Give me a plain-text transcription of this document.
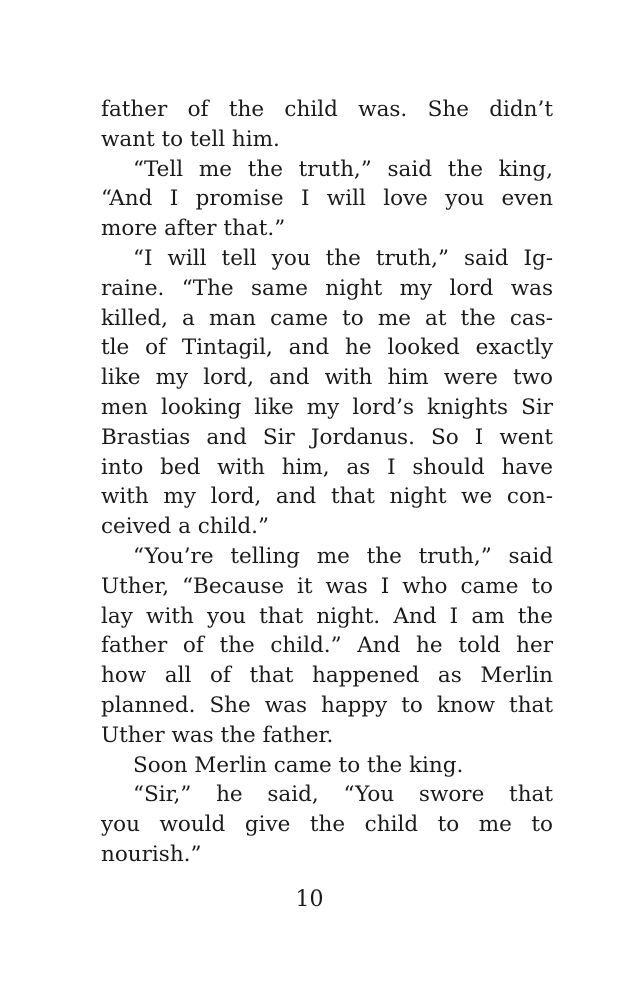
father of the child was. She didn’t
want to tell him.
“Tell me the truth,” said the king,
“And I promise I will love you even
more after that.”
“I will tell you the truth,” said Ig-
raine. “The same night my lord was
killed, a man came to me at the cas-
tle of Tintagil, and he looked exactly
like my lord, and with him were two
men looking like my lord’s knights Sir
Brastias and Sir Jordanus. So I went
into bed with him, as I should have
with my lord, and that night we con-
ceived a child.”
“You’re telling me the truth,” said
Uther, “Because it was I who came to
lay with you that night. And I am the
father of the child.” And he told her
how all of that happened as Merlin
planned. She was happy to know that
Uther was the father.
Soon Merlin came to the king.
“Sir,” he said, “You swore that
you would give the child to me to
nourish.”
10
